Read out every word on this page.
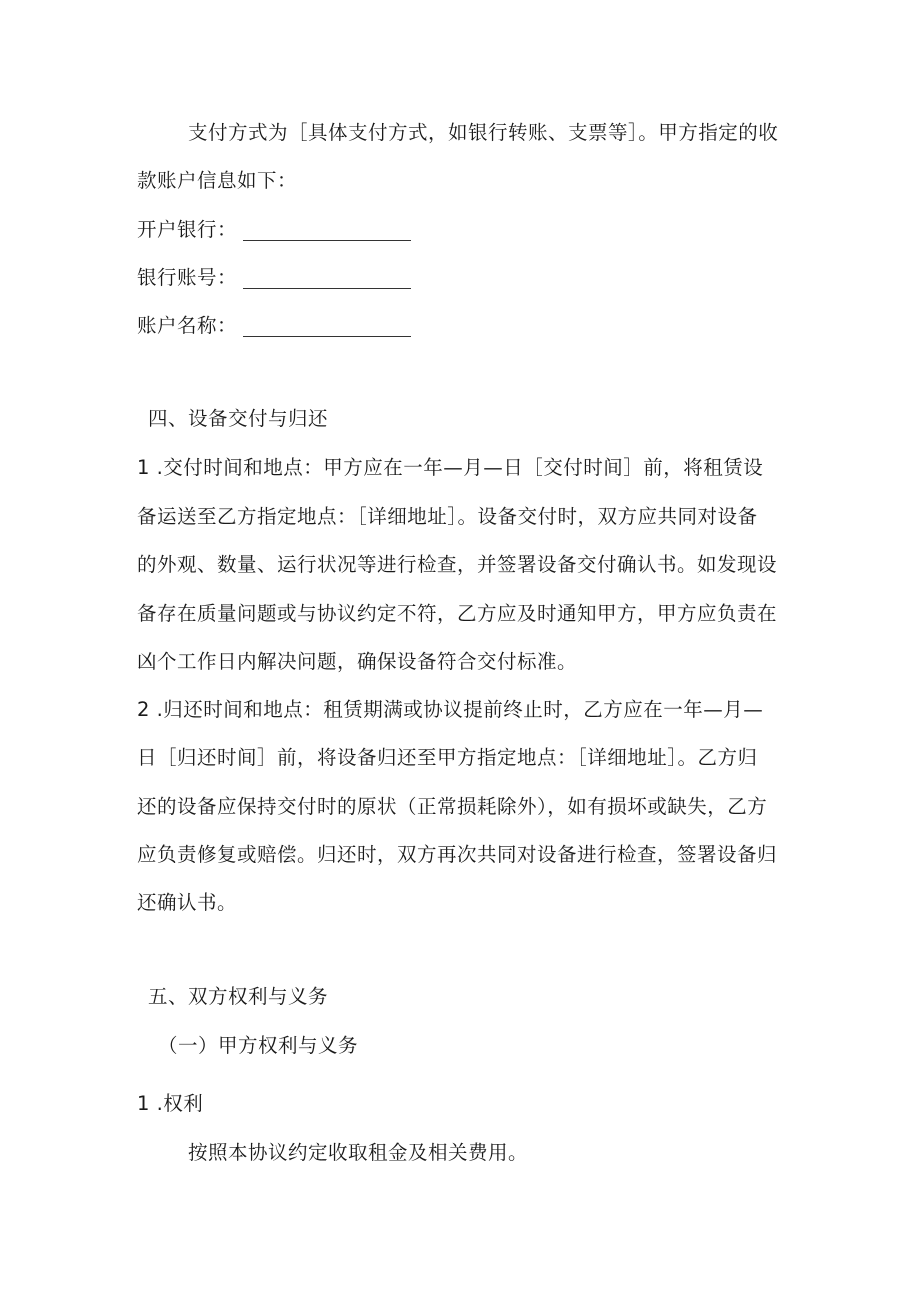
支付方式为［具体支付方式，如银行转账、支票等］。甲方指定的收
款账户信息如下：
开户银行：
银行账号：
账户名称：
四、设备交付与归还
1 .交付时间和地点：甲方应在一年—月—日［交付时间］前，将租赁设
备运送至乙方指定地点：［详细地址］。设备交付时，双方应共同对设备
的外观、数量、运行状况等进行检查，并签署设备交付确认书。如发现设
备存在质量问题或与协议约定不符，乙方应及时通知甲方，甲方应负责在
凶个工作日内解决问题，确保设备符合交付标准。
2 .归还时间和地点：租赁期满或协议提前终止时，乙方应在一年—月—
日［归还时间］前，将设备归还至甲方指定地点：［详细地址］。乙方归
还的设备应保持交付时的原状（正常损耗除外），如有损坏或缺失，乙方
应负责修复或赔偿。归还时，双方再次共同对设备进行检查，签署设备归
还确认书。
五、双方权利与义务
（一）甲方权利与义务
1 .权利
按照本协议约定收取租金及相关费用。
